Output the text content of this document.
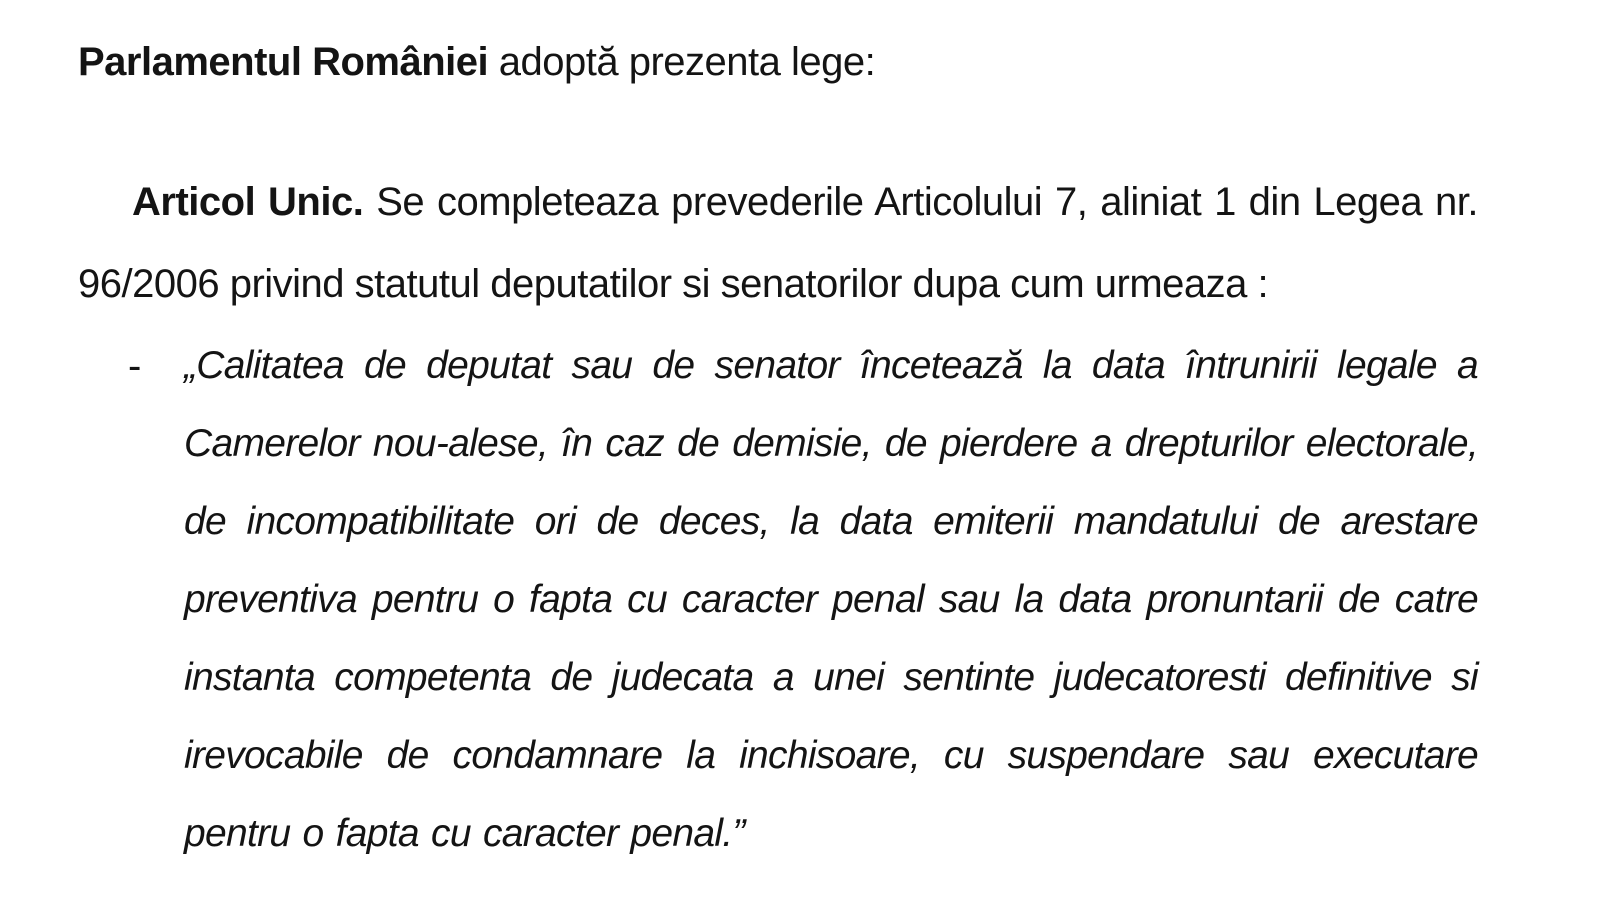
Parlamentul României adoptă prezenta lege:
Articol Unic. Se completeaza prevederile Articolului 7, aliniat 1 din Legea nr.
96/2006 privind statutul deputatilor si senatorilor dupa cum urmeaza :
- „Calitatea de deputat sau de senator încetează la data întrunirii legale a Camerelor nou-alese, în caz de demisie, de pierdere a drepturilor electorale, de incompatibilitate ori de deces, la data emiterii mandatului de arestare preventiva pentru o fapta cu caracter penal sau la data pronuntarii de catre instanta competenta de judecata a unei sentinte judecatoresti definitive si irevocabile de condamnare la inchisoare, cu suspendare sau executare pentru o fapta cu caracter penal.”
